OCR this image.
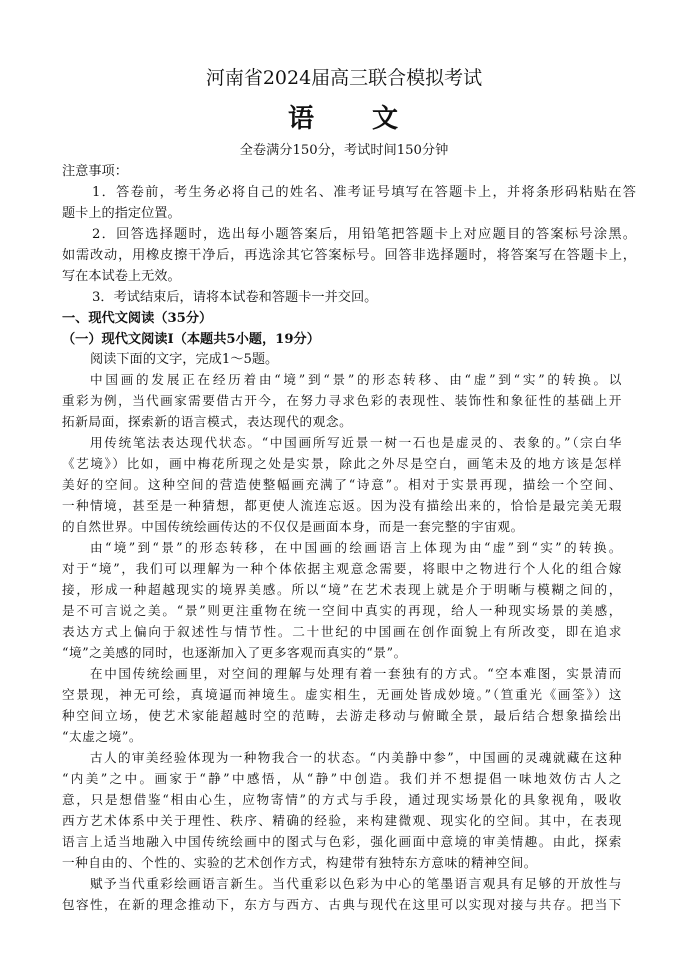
河南省2024届高三联合模拟考试
语　　文
全卷满分150分，考试时间150分钟
注意事项：
1．答卷前，考生务必将自己的姓名、准考证号填写在答题卡上，并将条形码粘贴在答
题卡上的指定位置。
2．回答选择题时，选出每小题答案后，用铅笔把答题卡上对应题目的答案标号涂黑。
如需改动，用橡皮擦干净后，再选涂其它答案标号。回答非选择题时，将答案写在答题卡上，
写在本试卷上无效。
3．考试结束后，请将本试卷和答题卡一并交回。
一、现代文阅读（35分）
（一）现代文阅读Ⅰ（本题共5小题，19分）
阅读下面的文字，完成1～5题。
中国画的发展正在经历着由“境”到“景”的形态转移、由“虚”到“实”的转换。以
重彩为例，当代画家需要借古开今，在努力寻求色彩的表现性、装饰性和象征性的基础上开
拓新局面，探索新的语言模式，表达现代的观念。
用传统笔法表达现代状态。“中国画所写近景一树一石也是虚灵的、表象的。”（宗白华
《艺境》）比如，画中梅花所现之处是实景，除此之外尽是空白，画笔未及的地方该是怎样
美好的空间。这种空间的营造使整幅画充满了“诗意”。相对于实景再现，描绘一个空间、
一种情境，甚至是一种猜想，都更使人流连忘返。因为没有描绘出来的，恰恰是最完美无瑕
的自然世界。中国传统绘画传达的不仅仅是画面本身，而是一套完整的宇宙观。
由“境”到“景”的形态转移，在中国画的绘画语言上体现为由“虚”到“实”的转换。
对于“境”，我们可以理解为一种个体依据主观意念需要，将眼中之物进行个人化的组合嫁
接，形成一种超越现实的境界美感。所以“境”在艺术表现上就是介于明晰与模糊之间的，
是不可言说之美。“景”则更注重物在统一空间中真实的再现，给人一种现实场景的美感，
表达方式上偏向于叙述性与情节性。二十世纪的中国画在创作面貌上有所改变，即在追求
“境”之美感的同时，也逐渐加入了更多客观而真实的“景”。
在中国传统绘画里，对空间的理解与处理有着一套独有的方式。“空本难图，实景清而
空景现，神无可绘，真境逼而神境生。虚实相生，无画处皆成妙境。”（笪重光《画筌》）这
种空间立场，使艺术家能超越时空的范畴，去游走移动与俯瞰全景，最后结合想象描绘出
“太虚之境”。
古人的审美经验体现为一种物我合一的状态。“内美静中参”，中国画的灵魂就藏在这种
“内美”之中。画家于“静”中感悟，从“静”中创造。我们并不想提倡一味地效仿古人之
意，只是想借鉴“相由心生，应物寄情”的方式与手段，通过现实场景化的具象视角，吸收
西方艺术体系中关于理性、秩序、精确的经验，来构建微观、现实化的空间。其中，在表现
语言上适当地融入中国传统绘画中的图式与色彩，强化画面中意境的审美情趣。由此，探索
一种自由的、个性的、实验的艺术创作方式，构建带有独特东方意味的精神空间。
赋予当代重彩绘画语言新生。当代重彩以色彩为中心的笔墨语言观具有足够的开放性与
包容性，在新的理念推动下，东方与西方、古典与现代在这里可以实现对接与共存。把当下
